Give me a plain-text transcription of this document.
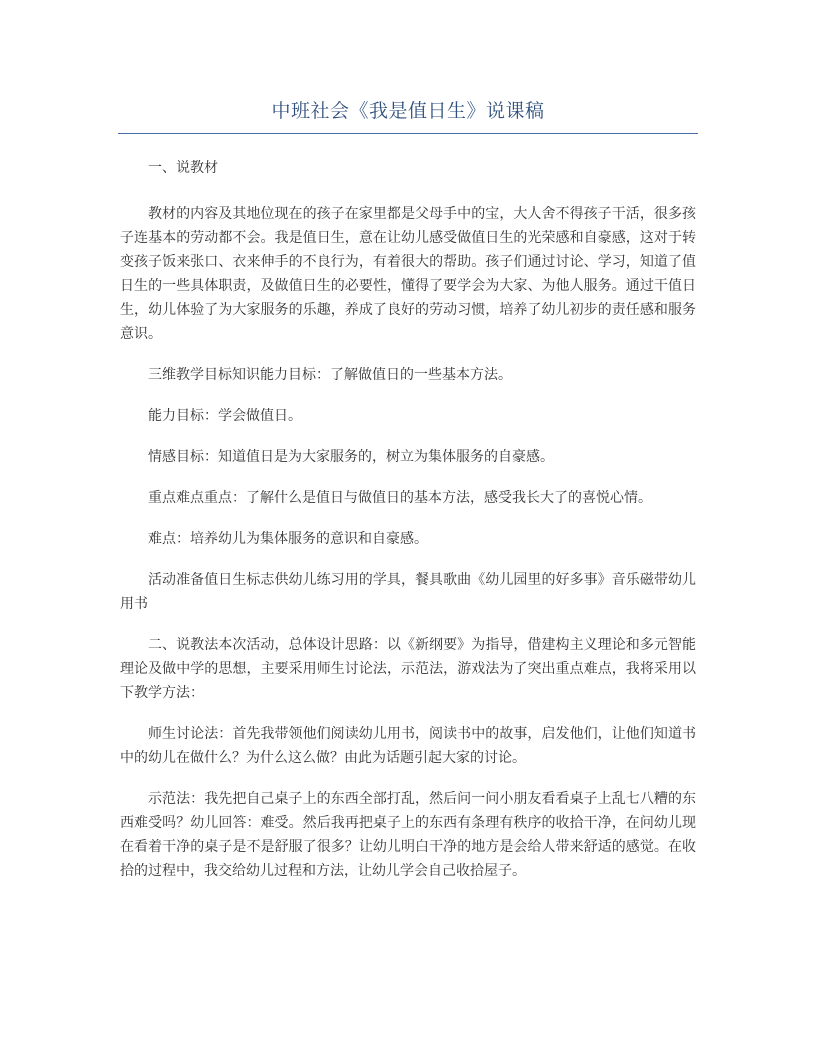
中班社会《我是值日生》说课稿

一、说教材

教材的内容及其地位现在的孩子在家里都是父母手中的宝，大人舍不得孩子干活，很多孩子连基本的劳动都不会。我是值日生，意在让幼儿感受做值日生的光荣感和自豪感，这对于转变孩子饭来张口、衣来伸手的不良行为，有着很大的帮助。孩子们通过讨论、学习，知道了值日生的一些具体职责，及做值日生的必要性，懂得了要学会为大家、为他人服务。通过干值日生，幼儿体验了为大家服务的乐趣，养成了良好的劳动习惯，培养了幼儿初步的责任感和服务意识。

三维教学目标知识能力目标：了解做值日的一些基本方法。

能力目标：学会做值日。

情感目标：知道值日是为大家服务的，树立为集体服务的自豪感。

重点难点重点：了解什么是值日与做值日的基本方法，感受我长大了的喜悦心情。

难点：培养幼儿为集体服务的意识和自豪感。

活动准备值日生标志供幼儿练习用的学具，餐具歌曲《幼儿园里的好多事》音乐磁带幼儿用书

二、说教法本次活动，总体设计思路：以《新纲要》为指导，借建构主义理论和多元智能理论及做中学的思想，主要采用师生讨论法，示范法，游戏法为了突出重点难点，我将采用以下教学方法：

师生讨论法：首先我带领他们阅读幼儿用书，阅读书中的故事，启发他们，让他们知道书中的幼儿在做什么？为什么这么做？由此为话题引起大家的讨论。

示范法：我先把自己桌子上的东西全部打乱，然后问一问小朋友看看桌子上乱七八糟的东西难受吗？幼儿回答：难受。然后我再把桌子上的东西有条理有秩序的收拾干净，在问幼儿现在看着干净的桌子是不是舒服了很多？让幼儿明白干净的地方是会给人带来舒适的感觉。在收拾的过程中，我交给幼儿过程和方法，让幼儿学会自己收拾屋子。
